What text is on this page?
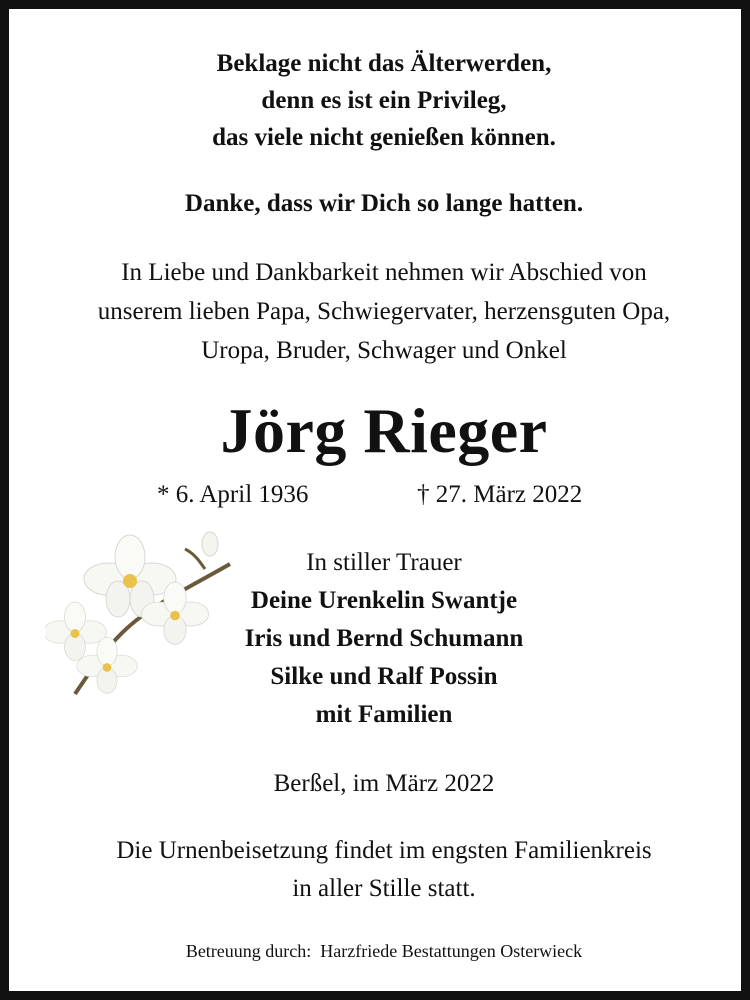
Beklage nicht das Älterwerden,
denn es ist ein Privileg,
das viele nicht genießen können.
Danke, dass wir Dich so lange hatten.
In Liebe und Dankbarkeit nehmen wir Abschied von
unserem lieben Papa, Schwiegervater, herzensguten Opa,
Uropa, Bruder, Schwager und Onkel
Jörg Rieger
* 6. April 1936	† 27. März 2022
In stiller Trauer
Deine Urenkelin Swantje
Iris und Bernd Schumann
Silke und Ralf Possin
mit Familien
Berßel, im März 2022
Die Urnenbeisetzung findet im engsten Familienkreis
in aller Stille statt.
Betreuung durch:  Harzfriede Bestattungen Osterwieck
